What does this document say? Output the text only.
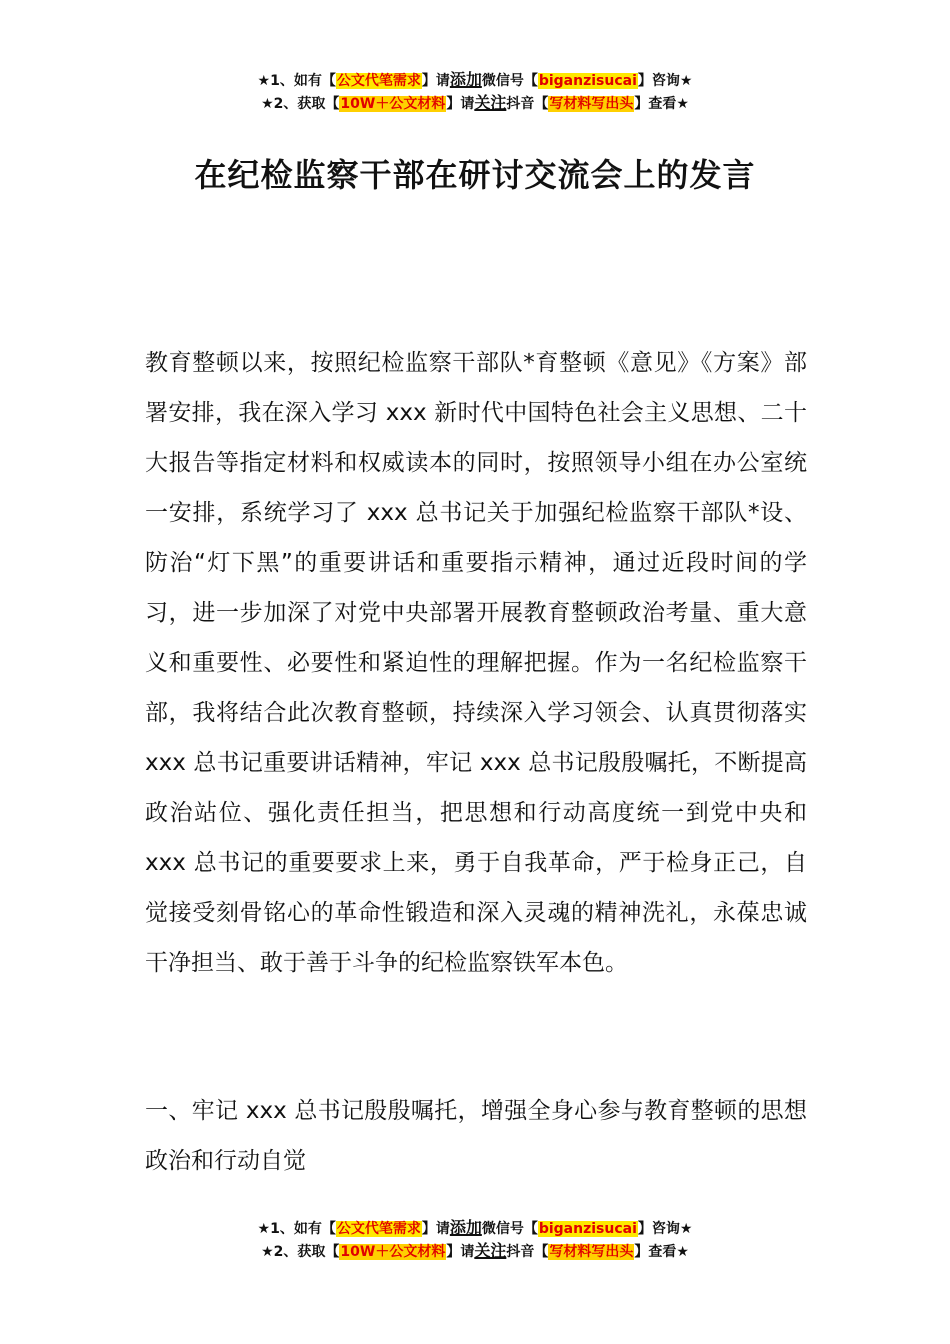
★1、如有【公文代笔需求】请添加微信号【biganzisucai】咨询★
★2、获取【10W＋公文材料】请关注抖音【写材料写出头】查看★
在纪检监察干部在研讨交流会上的发言
教育整顿以来，按照纪检监察干部队*育整顿《意见》《方案》部署安排，我在深入学习 xxx 新时代中国特色社会主义思想、二十大报告等指定材料和权威读本的同时，按照领导小组在办公室统一安排，系统学习了 xxx 总书记关于加强纪检监察干部队*设、防治“灯下黑”的重要讲话和重要指示精神，通过近段时间的学习，进一步加深了对党中央部署开展教育整顿政治考量、重大意义和重要性、必要性和紧迫性的理解把握。作为一名纪检监察干部，我将结合此次教育整顿，持续深入学习领会、认真贯彻落实 xxx 总书记重要讲话精神，牢记 xxx 总书记殷殷嘱托，不断提高政治站位、强化责任担当，把思想和行动高度统一到党中央和 xxx 总书记的重要要求上来，勇于自我革命，严于检身正己，自觉接受刻骨铭心的革命性锻造和深入灵魂的精神洗礼，永葆忠诚干净担当、敢于善于斗争的纪检监察铁军本色。
一、牢记 xxx 总书记殷殷嘱托，增强全身心参与教育整顿的思想政治和行动自觉
★1、如有【公文代笔需求】请添加微信号【biganzisucai】咨询★
★2、获取【10W＋公文材料】请关注抖音【写材料写出头】查看★
